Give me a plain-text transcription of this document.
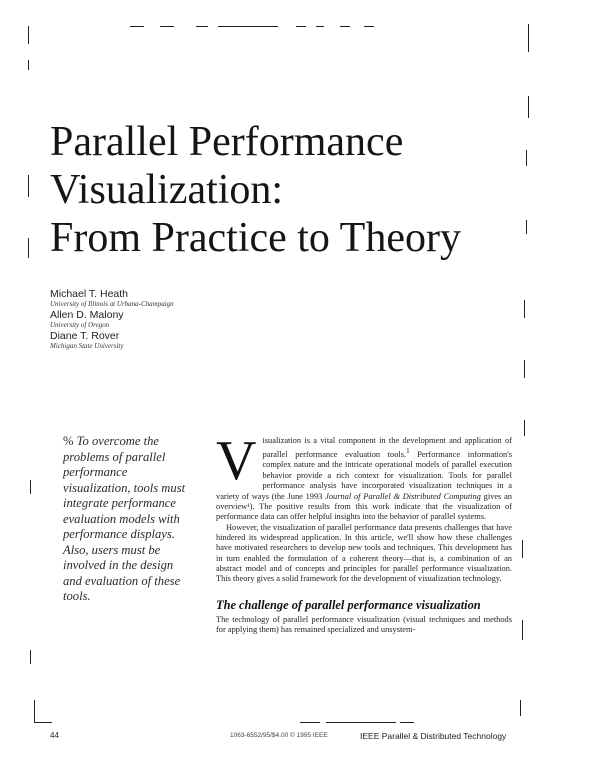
Parallel Performance
Visualization:
From Practice to Theory
Michael T. Heath
University of Illinois at Urbana-Champaign
Allen D. Malony
University of Oregon
Diane T. Rover
Michigan State University
% To overcome the problems of parallel performance visualization, tools must integrate performance evaluation models with performance displays. Also, users must be involved in the design and evaluation of these tools.

Visualization is a vital component in the development and application of parallel performance evaluation tools.$^1$ Performance information's complex nature and the intricate operational models of parallel execution behavior provide a rich context for visualization. Tools for parallel performance analysis have incorporated visualization techniques in a variety of ways (the June 1993 Journal of Parallel & Distributed Computing gives an overview¹). The positive results from this work indicate that the visualization of performance data can offer helpful insights into the behavior of parallel systems.

However, the visualization of parallel performance data presents challenges that have hindered its widespread application. In this article, we'll show how these challenges have motivated researchers to develop new tools and techniques. This development has in turn enabled the formulation of a coherent theory—that is, a combination of an abstract model and of concepts and principles for parallel performance visualization. This theory gives a solid framework for the development of visualization technology.

The challenge of parallel performance visualization

The technology of parallel performance visualization (visual techniques and methods for applying them) has remained specialized and unsystem-

44	1063-6552/95/$4.00 © 1995 IEEE	IEEE Parallel & Distributed Technology
